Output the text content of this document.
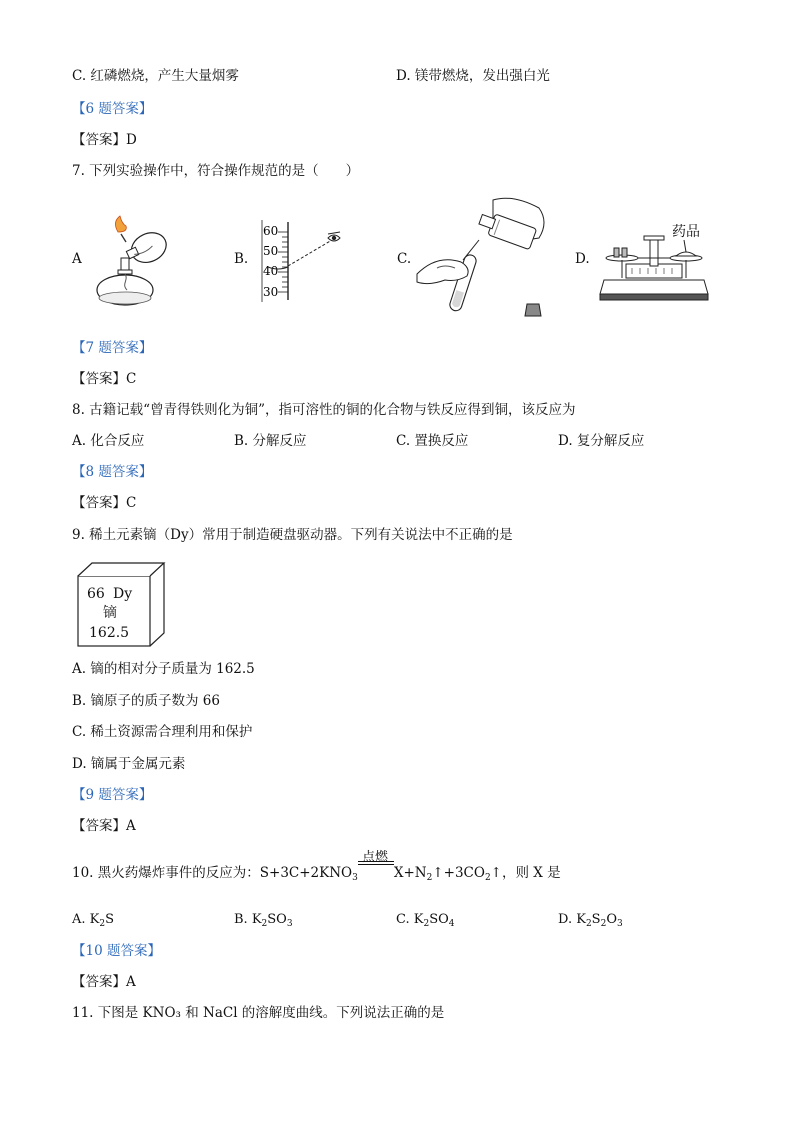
C. 红磷燃烧，产生大量烟雾	D. 镁带燃烧，发出强白光
【6 题答案】
【答案】D
7. 下列实验操作中，符合操作规范的是（　　）
A	B.	C.	D.
60
50
40
30
药品
【7 题答案】
【答案】C
8. 古籍记载“曾青得铁则化为铜”，指可溶性的铜的化合物与铁反应得到铜，该反应为
A. 化合反应	B. 分解反应	C. 置换反应	D. 复分解反应
【8 题答案】
【答案】C
9. 稀土元素镝（Dy）常用于制造硬盘驱动器。下列有关说法中不正确的是
66 Dy
镝
162.5
A. 镝的相对分子质量为 162.5
B. 镝原子的质子数为 66
C. 稀土资源需合理利用和保护
D. 镝属于金属元素
【9 题答案】
【答案】A
10. 黑火药爆炸事件的反应为：$S+3C+2KNO_3$	$X+N_2↑+3CO_2↑$，则 X 是
点燃
A. $K_2S$	B. $K_2SO_3$	C. $K_2SO_4$	D. $K_2S_2O_3$
【10 题答案】
【答案】A
11. 下图是 KNO₃ 和 NaCl 的溶解度曲线。下列说法正确的是
